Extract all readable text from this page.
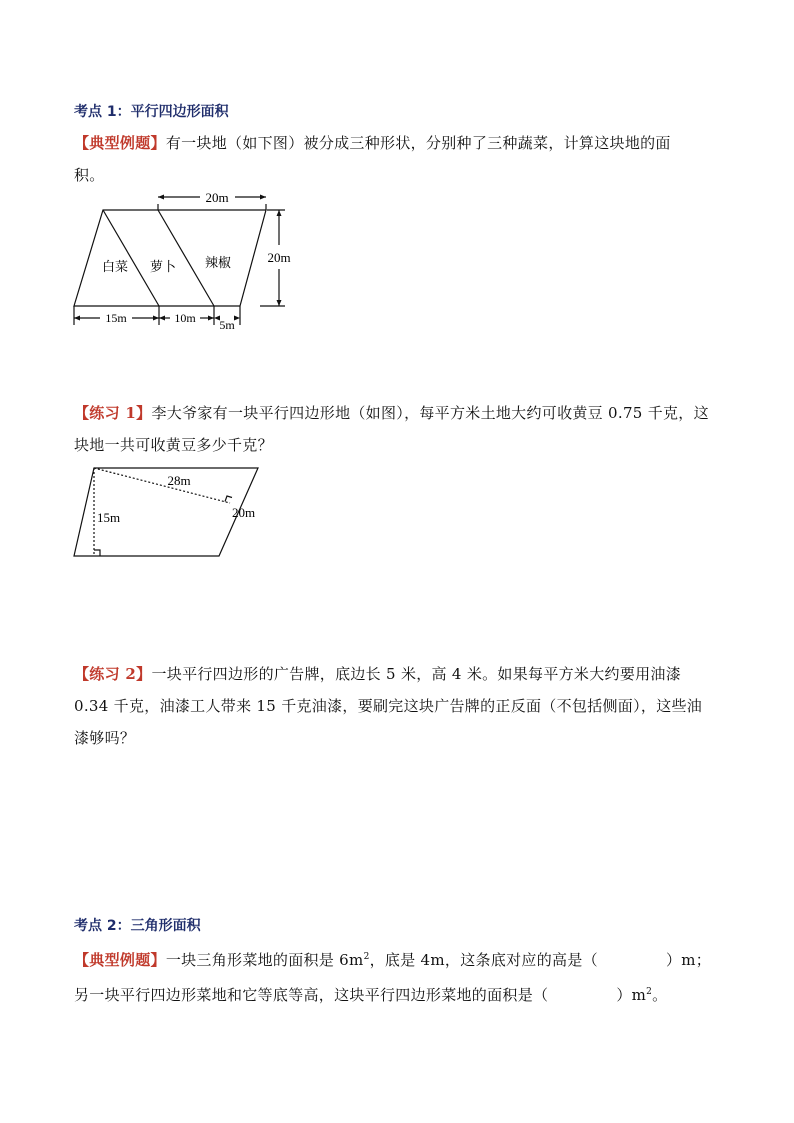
考点 1：平行四边形面积
【典型例题】有一块地（如下图）被分成三种形状，分别种了三种蔬菜，计算这块地的面
积。
20m
20m
白菜 萝卜 辣椒
15m	10m 5m
【练习 1】李大爷家有一块平行四边形地（如图），每平方米土地大约可收黄豆 0.75 千克，这
块地一共可收黄豆多少千克？
28m
15m	20m
【练习 2】一块平行四边形的广告牌，底边长 5 米，高 4 米。如果每平方米大约要用油漆
0.34 千克，油漆工人带来 15 千克油漆，要刷完这块广告牌的正反面（不包括侧面），这些油
漆够吗？
考点 2：三角形面积
【典型例题】一块三角形菜地的面积是 $6m^2$，底是 4m，这条底对应的高是（	）m；
另一块平行四边形菜地和它等底等高，这块平行四边形菜地的面积是（	）$m^2$。
